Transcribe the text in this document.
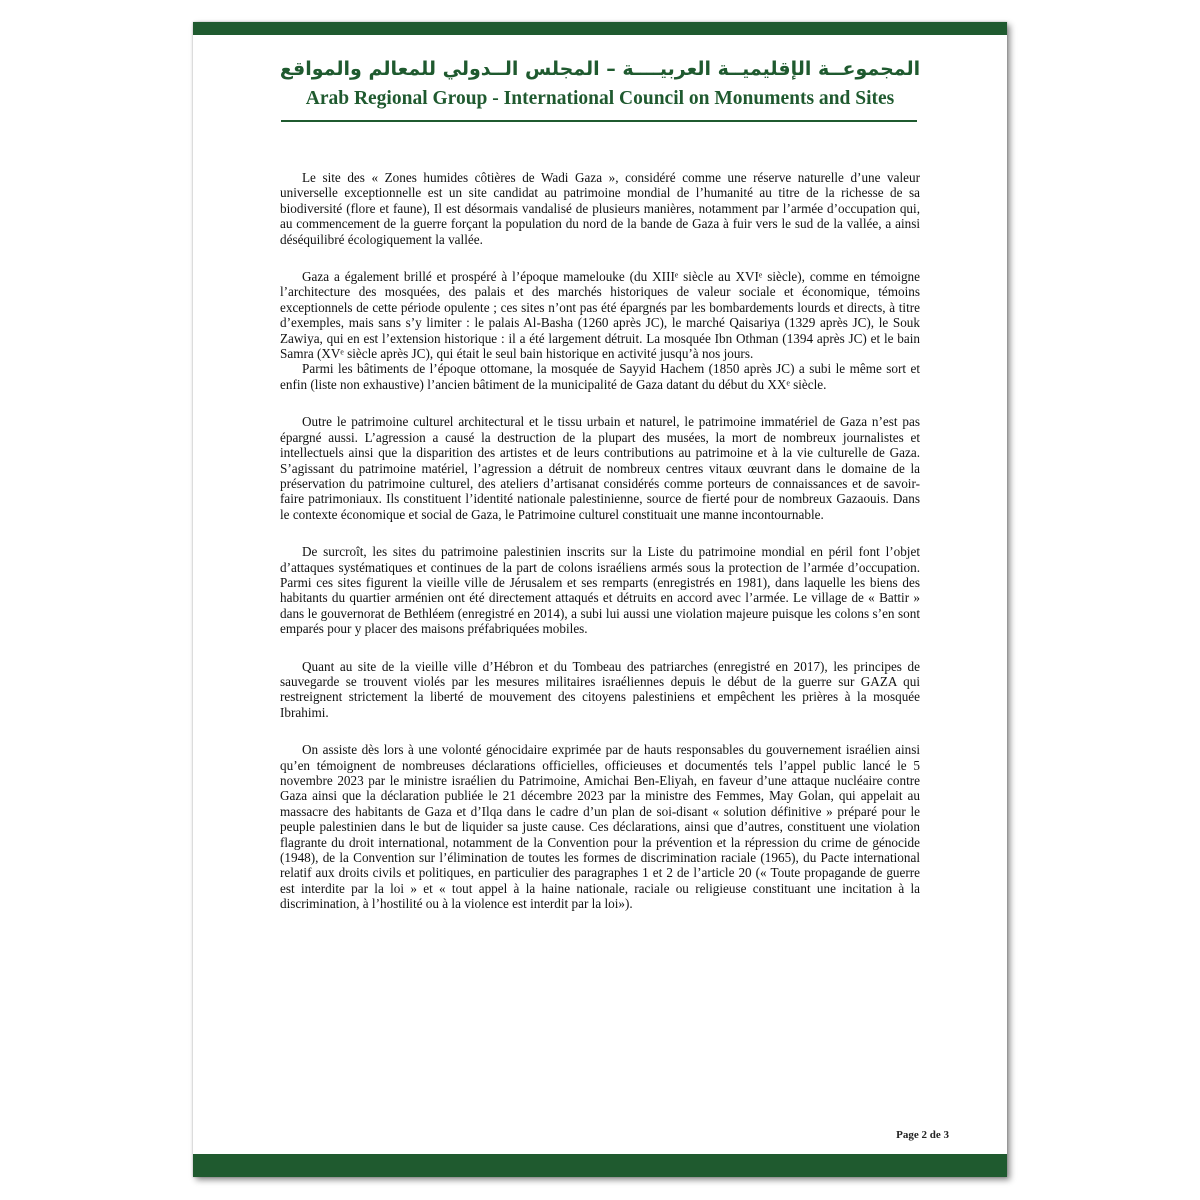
المجموعــة الإقليميــة العربيــــة – المجلس الــدولي للمعالم والمواقع
Arab Regional Group - International Council on Monuments and Sites

Le site des « Zones humides côtières de Wadi Gaza », considéré comme une réserve naturelle d’une valeur universelle exceptionnelle est un site candidat au patrimoine mondial de l’humanité au titre de la richesse de sa biodiversité (flore et faune), Il est désormais vandalisé de plusieurs manières, notamment par l’armée d’occupation qui, au commencement de la guerre forçant la population du nord de la bande de Gaza à fuir vers le sud de la vallée, a ainsi déséquilibré écologiquement la vallée.

Gaza a également brillé et prospéré à l’époque mamelouke (du XIIIᵉ siècle au XVIᵉ siècle), comme en témoigne l’architecture des mosquées, des palais et des marchés historiques de valeur sociale et économique, témoins exceptionnels de cette période opulente ; ces sites n’ont pas été épargnés par les bombardements lourds et directs, à titre d’exemples, mais sans s’y limiter : le palais Al-Basha (1260 après JC), le marché Qaisariya (1329 après JC), le Souk Zawiya, qui en est l’extension historique : il a été largement détruit. La mosquée Ibn Othman (1394 après JC) et le bain Samra (XVᵉ siècle après JC), qui était le seul bain historique en activité jusqu’à nos jours.

Parmi les bâtiments de l’époque ottomane, la mosquée de Sayyid Hachem (1850 après JC) a subi le même sort et enfin (liste non exhaustive) l’ancien bâtiment de la municipalité de Gaza datant du début du XXᵉ siècle.

Outre le patrimoine culturel architectural et le tissu urbain et naturel, le patrimoine immatériel de Gaza n’est pas épargné aussi. L’agression a causé la destruction de la plupart des musées, la mort de nombreux journalistes et intellectuels ainsi que la disparition des artistes et de leurs contributions au patrimoine et à la vie culturelle de Gaza. S’agissant du patrimoine matériel, l’agression a détruit de nombreux centres vitaux œuvrant dans le domaine de la préservation du patrimoine culturel, des ateliers d’artisanat considérés comme porteurs de connaissances et de savoir-faire patrimoniaux. Ils constituent l’identité nationale palestinienne, source de fierté pour de nombreux Gazaouis. Dans le contexte économique et social de Gaza, le Patrimoine culturel constituait une manne incontournable.

De surcroît, les sites du patrimoine palestinien inscrits sur la Liste du patrimoine mondial en péril font l’objet d’attaques systématiques et continues de la part de colons israéliens armés sous la protection de l’armée d’occupation. Parmi ces sites figurent la vieille ville de Jérusalem et ses remparts (enregistrés en 1981), dans laquelle les biens des habitants du quartier arménien ont été directement attaqués et détruits en accord avec l’armée. Le village de « Battir » dans le gouvernorat de Bethléem (enregistré en 2014), a subi lui aussi une violation majeure puisque les colons s’en sont emparés pour y placer des maisons préfabriquées mobiles.

Quant au site de la vieille ville d’Hébron et du Tombeau des patriarches (enregistré en 2017), les principes de sauvegarde se trouvent violés par les mesures militaires israéliennes depuis le début de la guerre sur GAZA qui restreignent strictement la liberté de mouvement des citoyens palestiniens et empêchent les prières à la mosquée Ibrahimi.

On assiste dès lors à une volonté génocidaire exprimée par de hauts responsables du gouvernement israélien ainsi qu’en témoignent de nombreuses déclarations officielles, officieuses et documentés tels l’appel public lancé le 5 novembre 2023 par le ministre israélien du Patrimoine, Amichai Ben-Eliyah, en faveur d’une attaque nucléaire contre Gaza ainsi que la déclaration publiée le 21 décembre 2023 par la ministre des Femmes, May Golan, qui appelait au massacre des habitants de Gaza et d’Ilqa dans le cadre d’un plan de soi-disant « solution définitive » préparé pour le peuple palestinien dans le but de liquider sa juste cause. Ces déclarations, ainsi que d’autres, constituent une violation flagrante du droit international, notamment de la Convention pour la prévention et la répression du crime de génocide (1948), de la Convention sur l’élimination de toutes les formes de discrimination raciale (1965), du Pacte international relatif aux droits civils et politiques, en particulier des paragraphes 1 et 2 de l’article 20 (« Toute propagande de guerre est interdite par la loi » et « tout appel à la haine nationale, raciale ou religieuse constituant une incitation à la discrimination, à l’hostilité ou à la violence est interdit par la loi»).

Page 2 de 3
